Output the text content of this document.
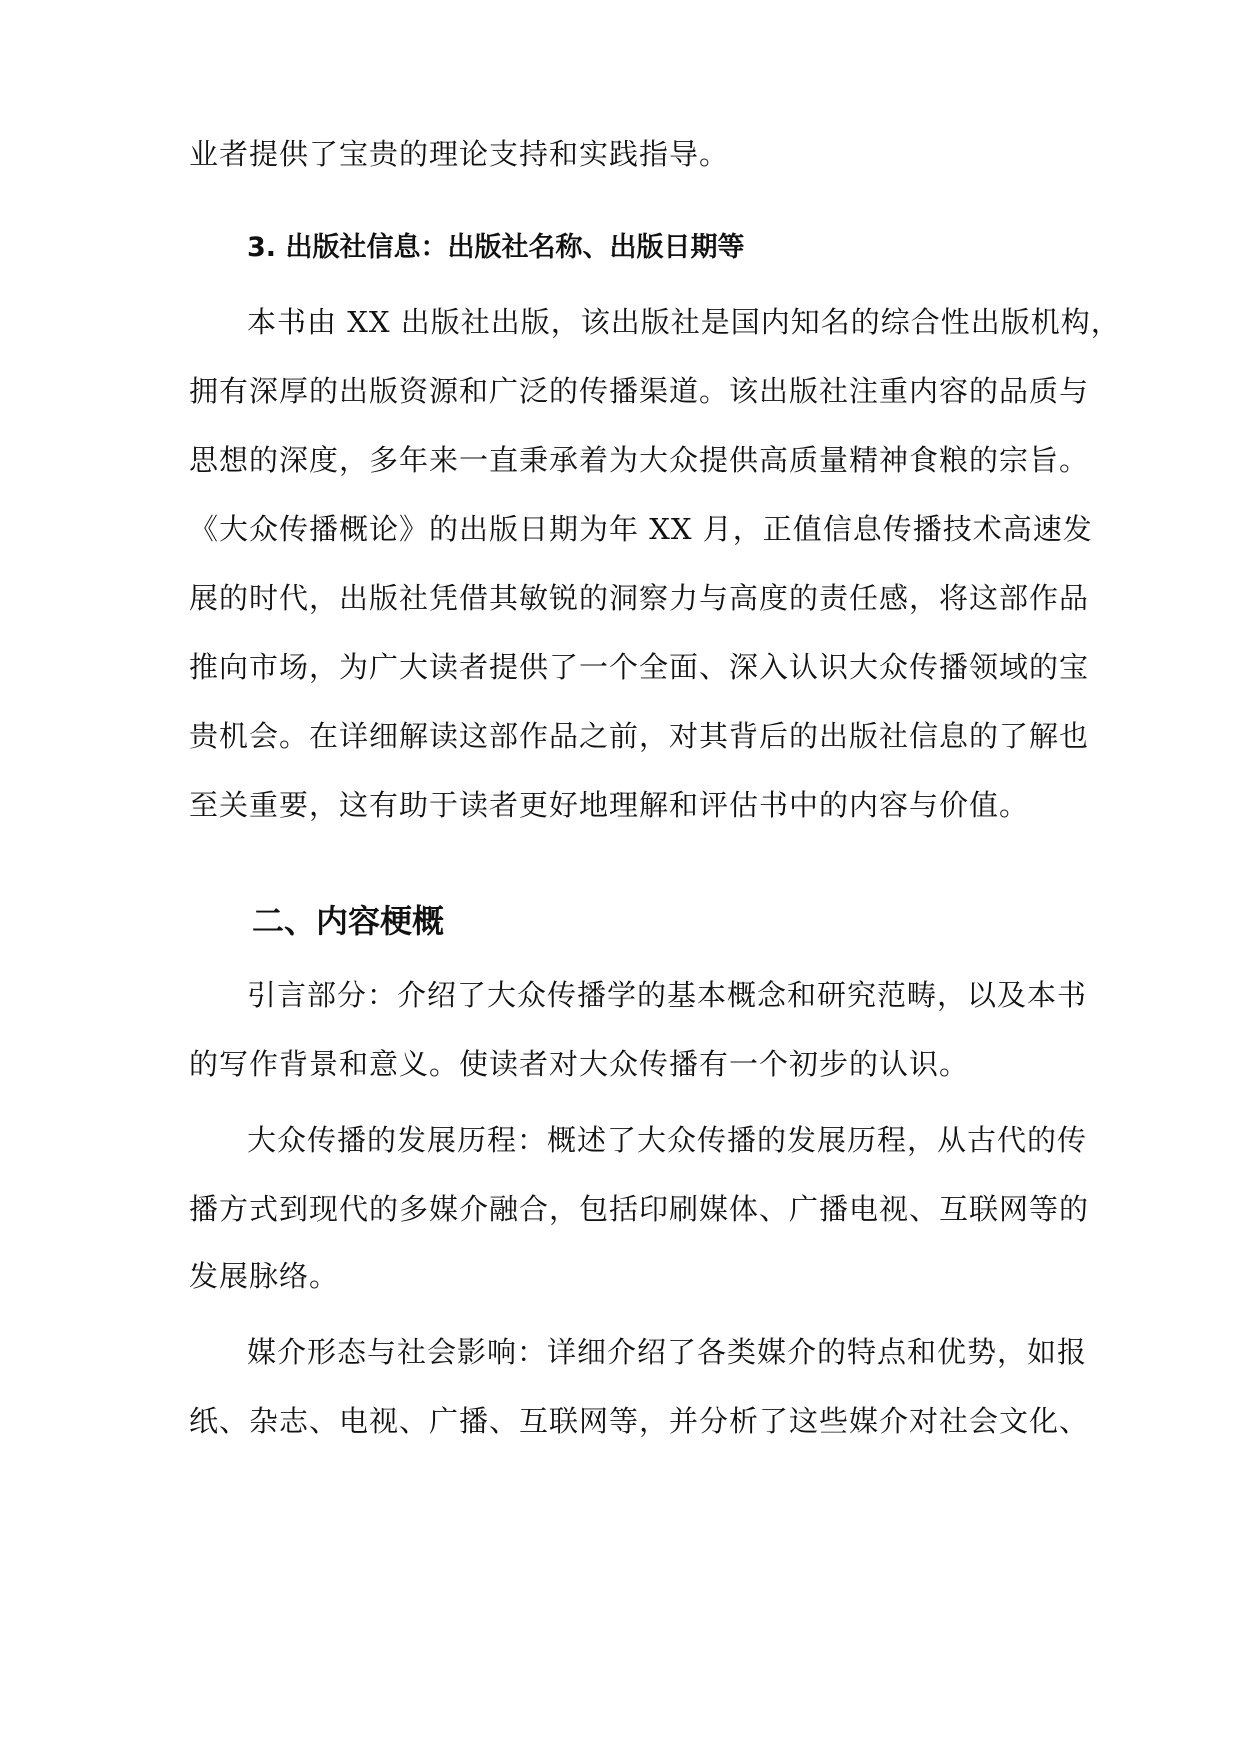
业者提供了宝贵的理论支持和实践指导。
3. 出版社信息：出版社名称、出版日期等
本书由 XX 出版社出版，该出版社是国内知名的综合性出版机构，
拥有深厚的出版资源和广泛的传播渠道。该出版社注重内容的品质与
思想的深度，多年来一直秉承着为大众提供高质量精神食粮的宗旨。
《大众传播概论》的出版日期为年 XX 月，正值信息传播技术高速发
展的时代，出版社凭借其敏锐的洞察力与高度的责任感，将这部作品
推向市场，为广大读者提供了一个全面、深入认识大众传播领域的宝
贵机会。在详细解读这部作品之前，对其背后的出版社信息的了解也
至关重要，这有助于读者更好地理解和评估书中的内容与价值。
二、内容梗概
引言部分：介绍了大众传播学的基本概念和研究范畴，以及本书
的写作背景和意义。使读者对大众传播有一个初步的认识。
大众传播的发展历程：概述了大众传播的发展历程，从古代的传
播方式到现代的多媒介融合，包括印刷媒体、广播电视、互联网等的
发展脉络。
媒介形态与社会影响：详细介绍了各类媒介的特点和优势，如报
纸、杂志、电视、广播、互联网等，并分析了这些媒介对社会文化、
